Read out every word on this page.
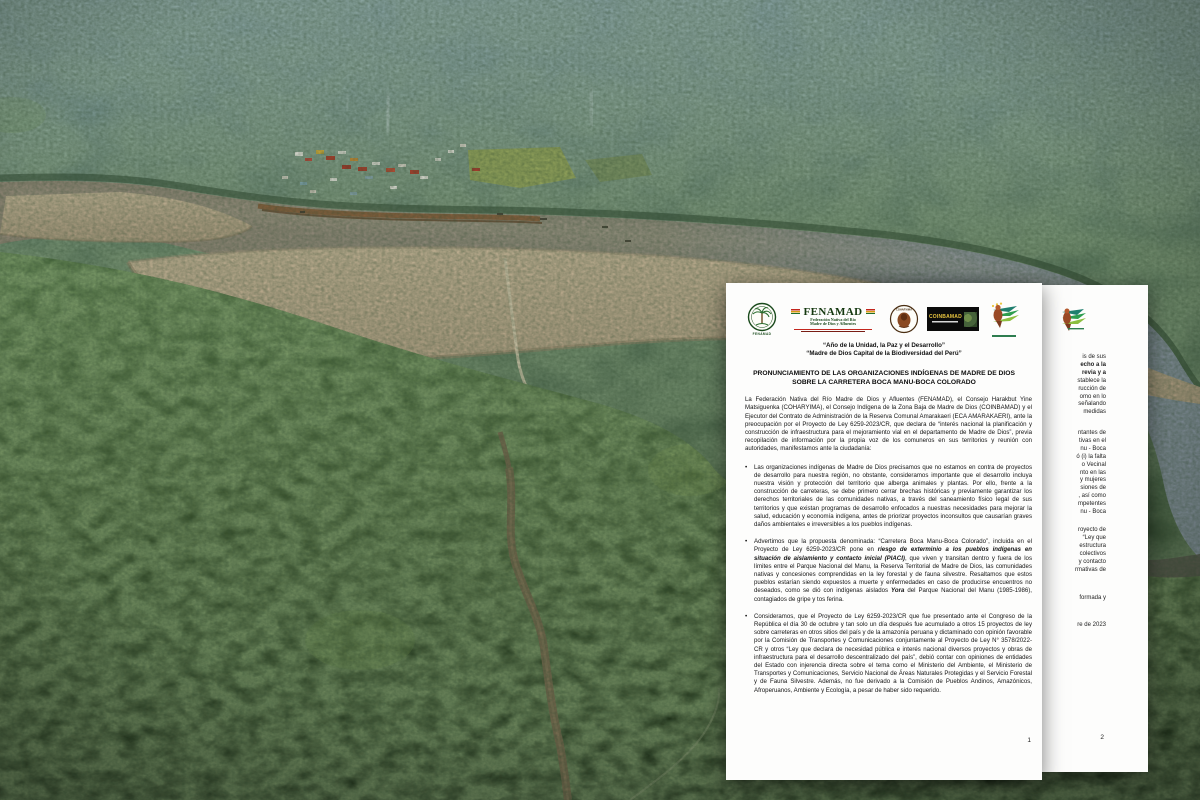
is de sus
echo a la
revia y a
stablece la
rucción de
omo en lo
señalando
medidas
ntantes de
tivas en el
nu - Boca
ó (i) la falta
o Vecinal
nto en las
y mujeres
siones de
, así como
mpetentes
nu - Boca
royecto de
“Ley que
estructura
colectivos
y contacto
rmativas de
formada y
re de 2023
2
FENAMAD
FENAMAD
Federación Nativa del Río
Madre de Dios y Afluentes
COHARYIMA
COINBAMAD
“Año de la Unidad, la Paz y el Desarrollo”
“Madre de Dios Capital de la Biodiversidad del Perú”
PRONUNCIAMIENTO DE LAS ORGANIZACIONES INDÍGENAS DE MADRE DE DIOS SOBRE LA CARRETERA BOCA MANU-BOCA COLORADO
La Federación Nativa del Río Madre de Dios y Afluentes (FENAMAD), el Consejo Harakbut Yine Matsiguenka (COHARYIMA), el Consejo Indígena de la Zona Baja de Madre de Dios (COINBAMAD) y el Ejecutor del Contrato de Administración de la Reserva Comunal Amarakaeri (ECA AMARAKAERI), ante la preocupación por el Proyecto de Ley 6259-2023/CR, que declara de “interés nacional la planificación y construcción de infraestructura para el mejoramiento vial en el departamento de Madre de Dios”, previa recopilación de información por la propia voz de los comuneros en sus territorios y reunión con autoridades, manifestamos ante la ciudadanía:
•	Las organizaciones indígenas de Madre de Dios precisamos que no estamos en contra de proyectos de desarrollo para nuestra región, no obstante, consideramos importante que el desarrollo incluya nuestra visión y protección del territorio que alberga animales y plantas. Por ello, frente a la construcción de carreteras, se debe primero cerrar brechas históricas y previamente garantizar los derechos territoriales de las comunidades nativas, a través del saneamiento físico legal de sus territorios y que existan programas de desarrollo enfocados a nuestras necesidades para mejorar la salud, educación y economía indígena, antes de priorizar proyectos inconsultos que causarían graves daños ambientales e irreversibles a los pueblos indígenas.
•	Advertimos que la propuesta denominada: “Carretera Boca Manu-Boca Colorado”, incluida en el Proyecto de Ley 6259-2023/CR pone en riesgo de exterminio a los pueblos indígenas en situación de aislamiento y contacto inicial (PIACI), que viven y transitan dentro y fuera de los límites entre el Parque Nacional del Manu, la Reserva Territorial de Madre de Dios, las comunidades nativas y concesiones comprendidas en la ley forestal y de fauna silvestre. Resaltamos que estos pueblos estarían siendo expuestos a muerte y enfermedades en caso de producirse encuentros no deseados, como se dió con indígenas aislados Yora del Parque Nacional del Manu (1985-1986), contagiados de gripe y tos ferina.
•	Consideramos, que el Proyecto de Ley 6259-2023/CR que fue presentado ante el Congreso de la República el día 30 de octubre y tan solo un día después fue acumulado a otros 15 proyectos de ley sobre carreteras en otros sitios del país y de la amazonía peruana y dictaminado con opinión favorable por la Comisión de Transportes y Comunicaciones conjuntamente al Proyecto de Ley N° 3578/2022-CR y otros “Ley que declara de necesidad pública e interés nacional diversos proyectos y obras de infraestructura para el desarrollo descentralizado del país”, debió contar con opiniones de entidades del Estado con injerencia directa sobre el tema como el Ministerio del Ambiente, el Ministerio de Transportes y Comunicaciones, Servicio Nacional de Áreas Naturales Protegidas y el Servicio Forestal y de Fauna Silvestre. Además, no fue derivado a la Comisión de Pueblos Andinos, Amazónicos, Afroperuanos, Ambiente y Ecología, a pesar de haber sido requerido.
1
